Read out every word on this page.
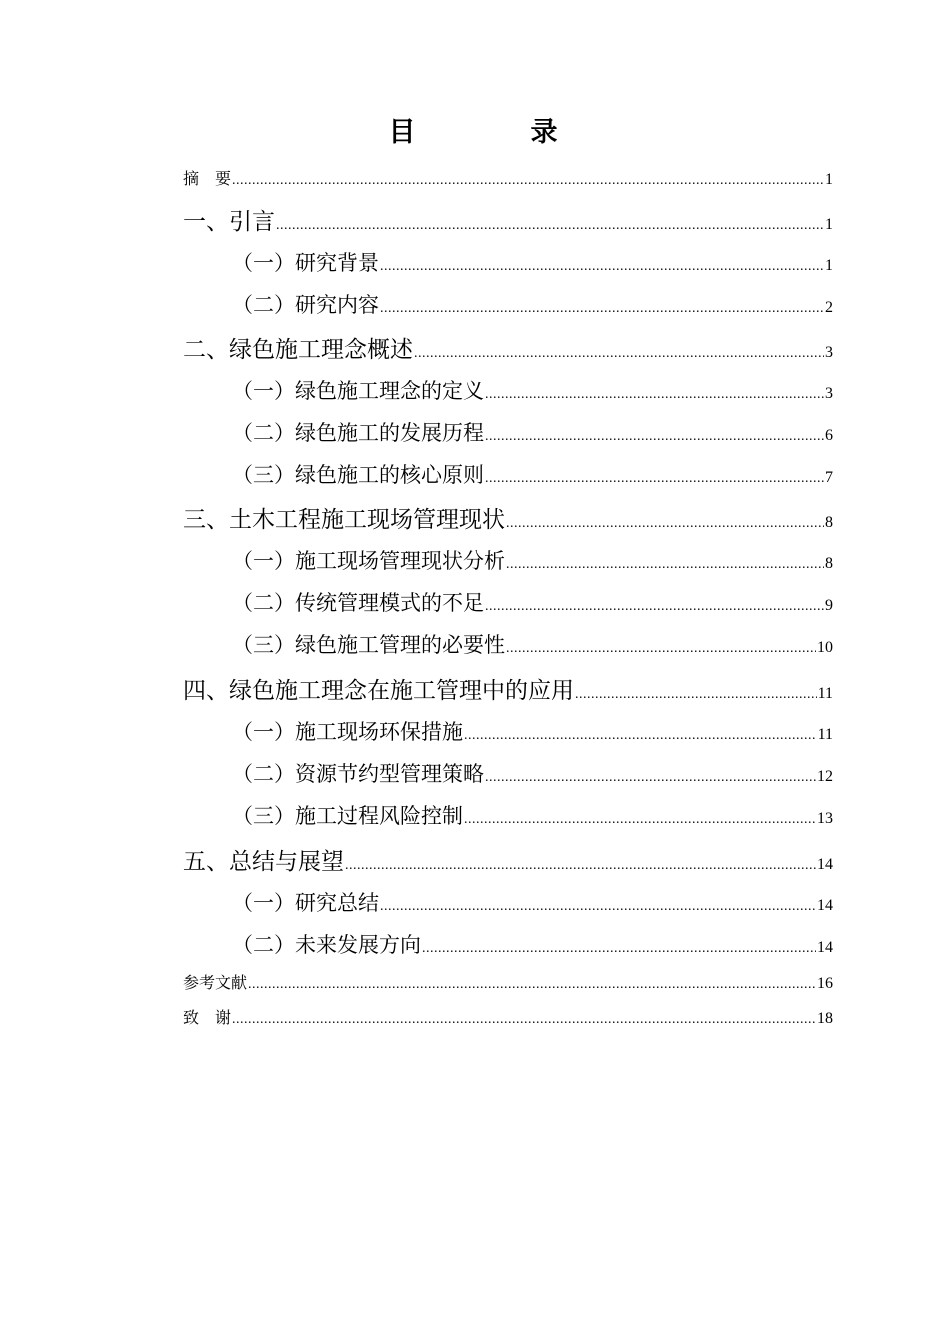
目　录
摘　要 .....	1
一、引言 .....	1
（一）研究背景 .....	1
（二）研究内容 .....	2
二、绿色施工理念概述 .....	3
（一）绿色施工理念的定义 .....	3
（二）绿色施工的发展历程 .....	6
（三）绿色施工的核心原则 .....	7
三、土木工程施工现场管理现状 .....	8
（一）施工现场管理现状分析 .....	8
（二）传统管理模式的不足 .....	9
（三）绿色施工管理的必要性 .....	10
四、绿色施工理念在施工管理中的应用 .....	11
（一）施工现场环保措施 .....	11
（二）资源节约型管理策略 .....	12
（三）施工过程风险控制 .....	13
五、总结与展望 .....	14
（一）研究总结 .....	14
（二）未来发展方向 .....	14
参考文献 .....	16
致　谢 .....	18
